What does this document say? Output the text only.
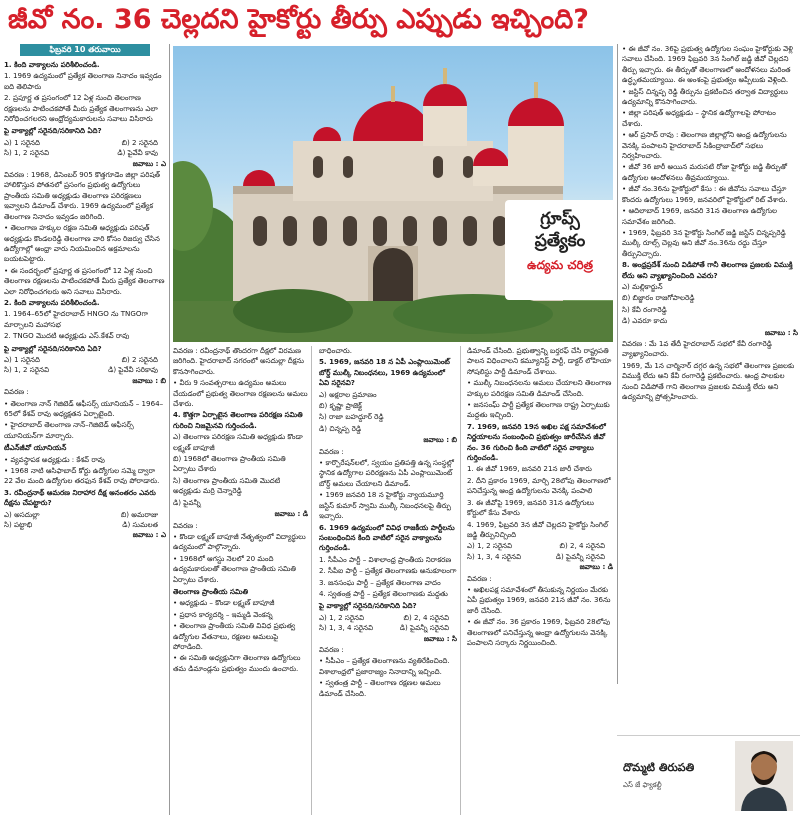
జీవో నం. 36 చెల్లదని హైకోర్టు తీర్పు ఎప్పుడు ఇచ్చింది?
ఫిబ్రవరి 10 తరువాయి

1. కింది వాక్యాలను పరిశీలించండి.

1. 1969 ఉద్యమంలో ప్రత్యేక తెలంగాణ నినాదం ఇవ్వడం ఐది తెలిపారు

2. ప్రపూర్ణ త ప్రసంగంలో 12 ఏళ్ల నుంచి తెలంగాణ రక్షణలను పాటించకపోతే మీరు ప్రత్యేక తెలంగాణను ఎలా నిరోధించగలరని ఆంధ్రోద్యమకారులను సవాలు విసిరారు

పై వాక్యాల్లో సరైనది/సరికానిది ఏది?

ఎ) 1 సరైనది	బి) 2 సరైనది
సి) 1, 2 సరైనవి	డి) పైవేవీ కావు

జవాబు : ఎ

వివరణ : 1968, డిసెంబర్‌ 905 కొత్తగూడెం జిల్లా పరిషత్‌ హాలికొస్తున పోతనలో ప్రసంగం ప్రభుత్వ ఉద్యోగులు ప్రాంతీయ సమితి అధ్యక్షుడు తెలంగాణ పరిరక్షణలు ఇవ్వాలని డిమాండ్‌ చేశారు. 1969 ఉద్యమంలో ప్రత్యేక తెలంగాణ నినాదం ఇవ్వడం జరిగింది.

• తెలంగాణ హక్కుల రక్షణ సమితి అధ్యక్షుడు పరిషత్‌ అధ్యక్షుడు కొండలరెడ్డి తెలంగాణ వారి కోసం రిజర్వు చేసిన ఉద్యోగాల్లో ఆంధ్రా వారు నియమించిన అక్రమాలను బయటపెట్టారు.

• ఈ సందర్భంలో ప్రపూర్ణ త ప్రసంగంలో 12 ఏళ్ల నుంచి తెలంగాణ రక్షణలను పాటించకపోతే మీరు ప్రత్యేక తెలంగాణ ఎలా నిరోధించగలరు అని సవాలు విసిరారు.

2. కింది వాక్యాలను పరిశీలించండి.

1. 1964–65లో హైదరాబాద్‌ HNGO ను TNGOగా మార్చాలని మహాసభ

2. TNGO మొదటి అధ్యక్షుడు ఎస్‌.కేశవ్‌ రావు

పై వాక్యాల్లో సరైనది/సరికానిది ఏది?

ఎ) 1 సరైనది	బి) 2 సరైనది
సి) 1, 2 సరైనవి	డి) పైవేవీ సరికావు

జవాబు : బి

వివరణ :

• తెలంగాణ నాన్‌ గెజిటెడ్‌ ఆఫీసర్స్‌ యూనియన్‌ – 1964–65లో కేశవ్‌ రావు అధ్యక్షతన ఏర్పాటైంది.

• హైదరాబాద్‌ తెలంగాణ నాన్‌–గెజిటెడ్‌ ఆఫీసర్స్‌ యూనియన్‌గా మార్చారు.

టీఎన్‌జీవో యూనియన్‌

• వ్యవస్థాపక అధ్యక్షుడు : కేశవ్‌ రావు

• 1968 నాటి ఆసిఫాబాద్‌ కోర్టు ఉద్యోగుల సమ్మె ద్వారా 22 వేల మంది ఉద్యోగుల తరఫున కేశవ్‌ రావు పోరాడారు.

3. రవీంద్రనాథ్‌ ఆమరణ నిరాహార దీక్ష అనంతరం ఎవరు దీక్షను చేపట్టారు?

ఎ) అసదుల్లా	బి) అమరాజు
సి) పట్టాభి	డి) సుమలత

జవాబు : ఎ

గ్రూప్స్
ప్రత్యేకం
ఉద్యమ చరిత్ర

వివరణ : రవీంద్రనాథ్‌ తొందరగా దీక్షలో విరమణ జరిగింది. హైదరాబాద్‌ నగరంలో అసదుల్లా దీక్షను కొనసాగించారు.

• వీరు 9 సంవత్సరాలు ఉద్యమం అమలు చేయడంలో ప్రభుత్వ తెలంగాణ రక్షణలను అమలు చేశారు.

4. కొత్తగా ఏర్పాటైన తెలంగాణ పరిరక్షణ సమితి గురించి నిజమైనవి గుర్తించండి.

ఎ) తెలంగాణ పరిరక్షణ సమితి అధ్యక్షుడు కొండా లక్ష్మణ్‌ బాపూజీ

బి) 1968లో తెలంగాణ ప్రాంతీయ సమితి ఏర్పాటు చేశారు

సి) తెలంగాణ ప్రాంతీయ సమితి మొదటి అధ్యక్షుడు మర్రి చెన్నారెడ్డి

డి) పైవన్నీ

జవాబు : డి

వివరణ :

• కొండా లక్ష్మణ్‌ బాపూజీ నేతృత్వంలో విద్యార్థులు ఉద్యమంలో పాల్గొన్నారు.

• 1968లో ఆగస్టు నెలలో 20 మంది ఉద్యమకారులతో తెలంగాణ ప్రాంతీయ సమితి ఏర్పాటు చేశారు.

తెలంగాణ ప్రాంతీయ సమితి

• అధ్యక్షుడు – కొండా లక్ష్మణ్‌ బాపూజీ

• ప్రధాన కార్యదర్శి – ఇమ్మడి వెంకన్న

• తెలంగాణ ప్రాంతీయ సమితి వివిధ ప్రభుత్వ ఉద్యోగుల వేతనాలు, రక్షణల అమలుపై పోరాడింది.

• ఈ సమితి అధ్యక్షునిగా తెలంగాణ ఉద్యోగులు తమ డిమాండ్లను ప్రభుత్వం ముందు ఉంచారు.

బాధించారు.

5. 1969, జనవరి 18 న ఏపీ ఎంప్లాయిమెంట్‌ బోర్డ్‌ ముల్కీ నిబంధనలు, 1969 ఉద్యమంలో ఏవి సరైనవి?

ఎ) అక్షరాల ప్రమాణం

బి) కృష్ణా ప్రాజెక్ట్‌

సి) రాజా బహద్దూర్‌ రెడ్డి

డి) చిన్నప్ప రెడ్డి

జవాబు : బి

వివరణ :

• కార్పొరేషన్‌లలో, స్వయం ప్రతిపత్తి ఉన్న సంస్థల్లో స్థానిక ఉద్యోగాల పరిరక్షణను ఏపీ ఎంప్లాయిమెంట్‌ బోర్డ్‌ అమలు చేయాలని డిమాండ్‌.

• 1969 జనవరి 18 న హైకోర్టు న్యాయమూర్తి జస్టిస్‌ కుమార్‌ స్వామి ముల్కీ నిబంధనలపై తీర్పు ఇచ్చారు.

6. 1969 ఉద్యమంలో వివిధ రాజకీయ పార్టీలను సంబంధించిన కింది వాటిలో సరైన వాక్యాలను గుర్తించండి.

1. సీపీఎం పార్టీ – విశాలాంధ్ర ప్రాంతీయ నిరాకరణ

2. సీపీఐ పార్టీ – ప్రత్యేక తెలంగాణకు అనుకూలంగా

3. జనసంఘ పార్టీ – ప్రత్యేక తెలంగాణ వాదం

4. స్వతంత్ర పార్టీ – ప్రత్యేక తెలంగాణకు మద్దతు

పై వాక్యాల్లో సరైనది/సరికానిది ఏది?

ఎ) 1, 2 సరైనవి	బి) 2, 4 సరైనవి
సి) 1, 3, 4 సరైనవి	డి) పైవన్నీ సరైనవి

జవాబు : సి

వివరణ :

• సీపీఎం – ప్రత్యేక తెలంగాణను వ్యతిరేకించింది. విశాలాంధ్రలో ప్రజారాజ్యం నినాదాన్ని ఇచ్చింది.

• స్వతంత్ర పార్టీ – తెలంగాణ రక్షణల అమలు డిమాండ్‌ చేసింది.

డిమాండ్‌ చేసింది. ప్రభుత్వాన్ని బర్తరఫ్‌ చేసి రాష్ట్రపతి పాలన విధించాలని కమ్యూనిస్ట్‌ పార్టీ, డాక్టర్‌ లోహియా సోషలిస్టు పార్టీ డిమాండ్‌ చేశాయి.

• ముల్కీ నిబంధనలను అమలు చేయాలని తెలంగాణ హక్కుల పరిరక్షణ సమితి డిమాండ్‌ చేసింది.

• జనసంఘ్‌ పార్టీ ప్రత్యేక తెలంగాణ రాష్ట్ర ఏర్పాటుకు మద్దతు ఇచ్చింది.

7. 1969, జనవరి 19న అఖిల పక్ష సమావేశంలో నిర్ణయాలను సంబంధించి ప్రభుత్వం జారీచేసిన జీవో నం. 36 గురించి కింది వాటిలో సరైన వాక్యాలు గుర్తించండి.

1. ఈ జీవో 1969, జనవరి 21న జారీ చేశారు

2. దీని ప్రకారం 1969, మార్చి 28లోపు తెలంగాణలో పనిచేస్తున్న ఆంధ్ర ఉద్యోగులను వెనక్కి పంపాలి

3. ఈ జీవోపై 1969, జనవరి 31న ఉద్యోగులు కోర్టులో కేసు వేశారు

4. 1969, ఫిబ్రవరి 3న జీవో చెల్లదని హైకోర్టు సింగిల్‌ జడ్జి తీర్పునిచ్చింది

ఎ) 1, 2 సరైనవి	బి) 2, 4 సరైనవి
సి) 1, 3, 4 సరైనవి	డి) పైవన్నీ సరైనవి

జవాబు : డి

వివరణ :

• అఖిలపక్ష సమావేశంలో తీసుకున్న నిర్ణయం మేరకు ఏపీ ప్రభుత్వం 1969, జనవరి 21న జీవో నం. 36ను జారీ చేసింది.

• ఈ జీవో నం. 36 ప్రకారం 1969, ఫిబ్రవరి 28లోపు తెలంగాణలో పనిచేస్తున్న ఆంధ్రా ఉద్యోగులను వెనక్కి పంపాలని సర్కారు నిర్ణయించింది.

• ఈ జీవో నం. 36పై ప్రభుత్వ ఉద్యోగుల సంఘం హైకోర్టుకు వెళ్లి సవాలు చేసింది. 1969 ఫిబ్రవరి 3న సింగిల్‌ జడ్జి జీవో చెల్లదని తీర్పు ఇచ్చారు. ఈ తీర్పుతో తెలంగాణలో ఆందోళనలు మరింత ఉద్ధృతమయ్యాయి. ఈ అంశంపై ప్రభుత్వం అప్పీలుకు వెళ్లింది.

• జస్టిస్‌ చిన్నప్ప రెడ్డి తీర్పును ప్రకటించిన తర్వాత విద్యార్థులు ఉద్యమాన్ని కొనసాగించారు.

• జిల్లా పరిషత్‌ అధ్యక్షుడు – స్థానిక ఉద్యోగాలపై పోరాటం చేశారు.

• ఆర్‌ ప్రసాద్‌ రావు : తెలంగాణ జిల్లాల్లోని ఆంధ్ర ఉద్యోగులను వెనక్కి పంపాలని హైదరాబాద్‌ సికింద్రాబాద్‌లో సభలు నిర్వహించారు.

• జీవో 36 జారీ అయిన మరుసటి రోజు హైకోర్టు జడ్జి తీర్పుతో ఉద్యోగుల ఆందోళనలు తీవ్రమయ్యాయి.

• జీవో నం.36ను హైకోర్టులో కేసు : ఈ జీవోను సవాలు చేస్తూ కొందరు ఉద్యోగులు 1969, జనవరిలో హైకోర్టులో రిట్‌ వేశారు.

• ఆదిలాబాద్‌ 1969, జనవరి 31న తెలంగాణ ఉద్యోగుల సమావేశం జరిగింది.

• 1969, ఫిబ్రవరి 3న హైకోర్టు సింగిల్‌ జడ్జి జస్టిస్‌ చిన్నప్పరెడ్డి ముల్కీ రూల్స్‌ చెల్లవు అని జీవో నం.36ను రద్దు చేస్తూ తీర్పునిచ్చారు.

8. అంధ్రప్రదేశ్‌ నుంచి విడిపోతే గానీ తెలంగాణ ప్రజలకు విముక్తి లేదు అని వ్యాఖ్యానించింది ఎవరు?

ఎ) మల్లికార్జున్‌

బి) బిజ్జారం రాజగోపాలరెడ్డి

సి) కేవీ రంగారెడ్డి

డి) ఎవరూ కాదు

జవాబు : సి

వివరణ : మే 1వ తేదీ హైదరాబాద్‌ సభలో కేవీ రంగారెడ్డి వ్యాఖ్యానించారు.

1969, మే 1న చార్మినార్‌ దగ్గర ఉన్న సభలో తెలంగాణ ప్రజలకు విముక్తి లేదు అని కేవీ రంగారెడ్డి ప్రకటించారు. ఆంధ్ర పాలకుల నుంచి విడిపోతే గాని తెలంగాణ ప్రజలకు విముక్తి లేదు అని ఉద్యమాన్ని ప్రోత్సహించారు.

దొమ్మటి తిరుపతి
ఎస్‌ జే ఫ్యాకల్టీ
